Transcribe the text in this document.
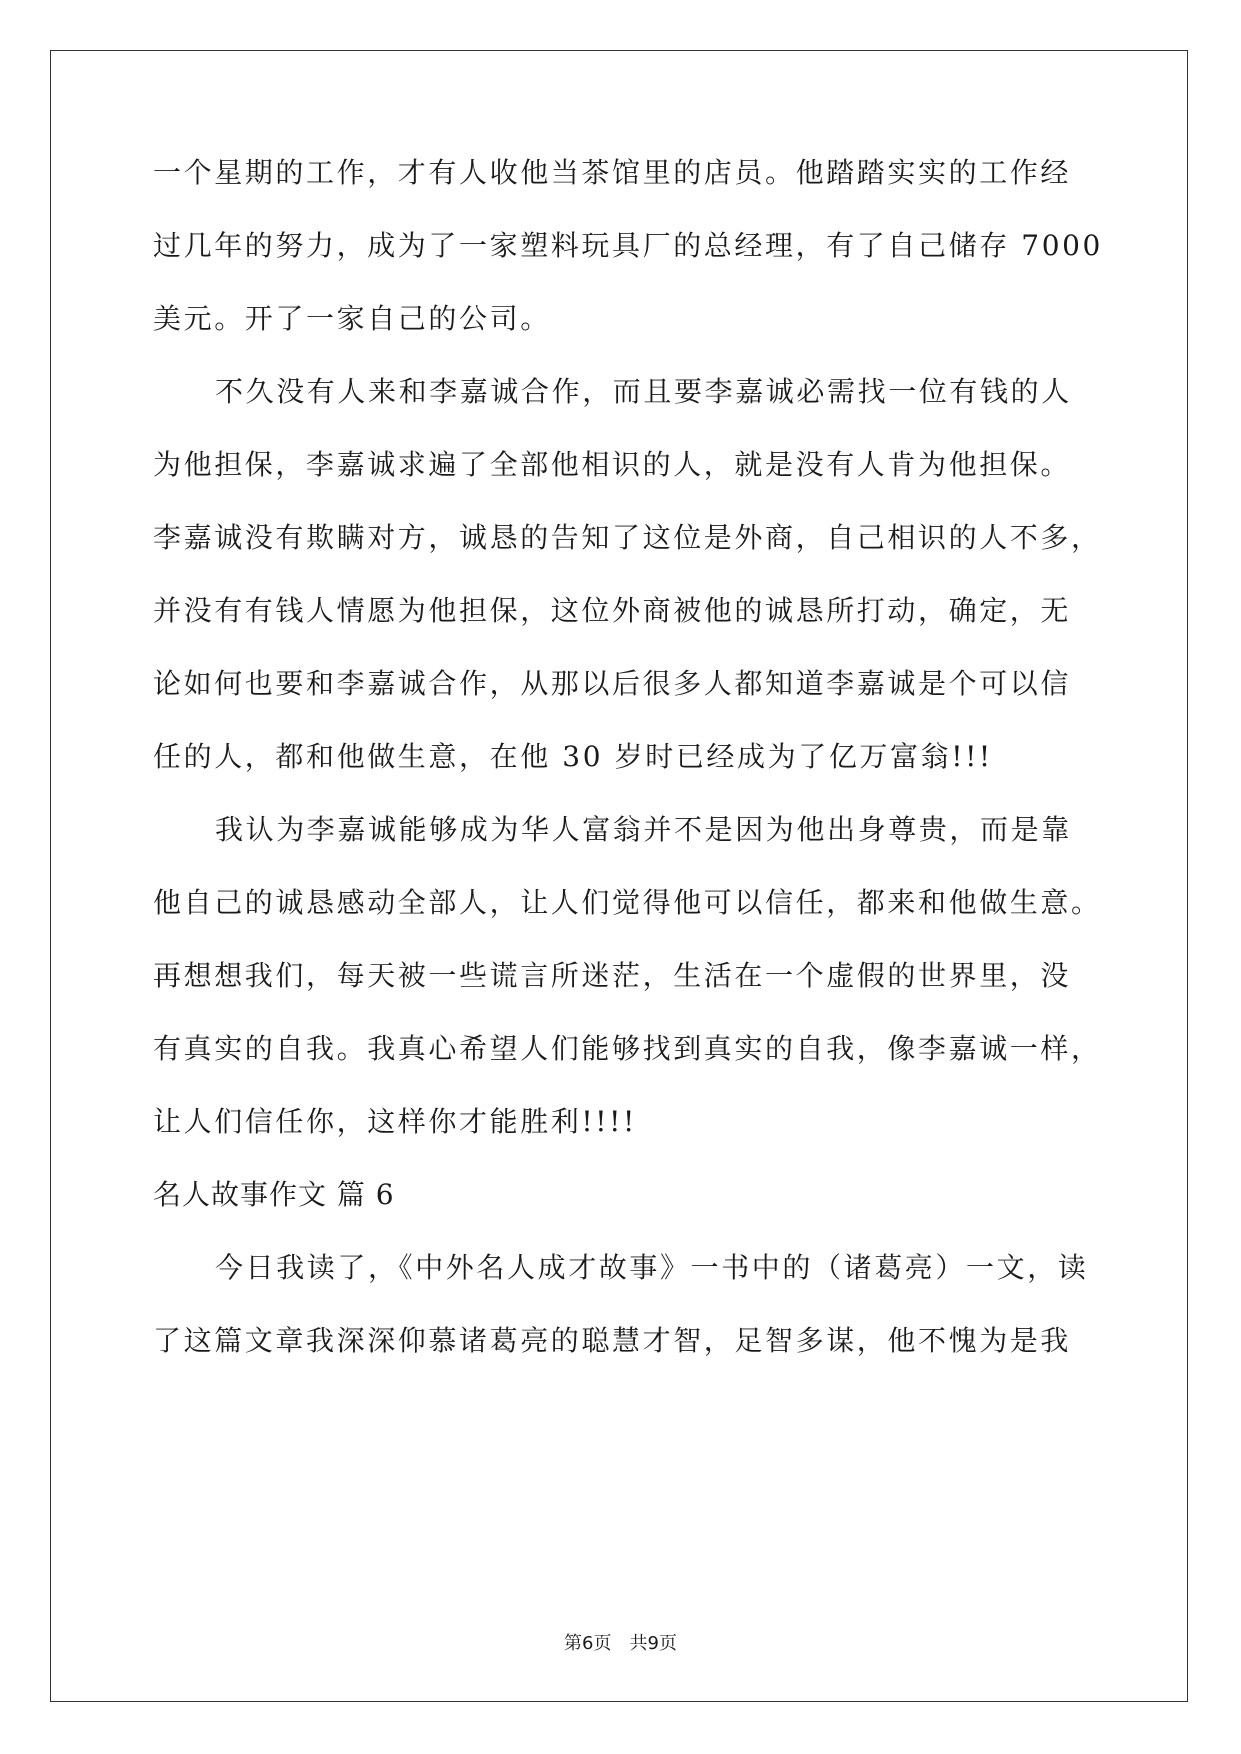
一个星期的工作，才有人收他当茶馆里的店员。他踏踏实实的工作经
过几年的努力，成为了一家塑料玩具厂的总经理，有了自己储存 7000
美元。开了一家自己的公司。
不久没有人来和李嘉诚合作，而且要李嘉诚必需找一位有钱的人
为他担保，李嘉诚求遍了全部他相识的人，就是没有人肯为他担保。
李嘉诚没有欺瞒对方，诚恳的告知了这位是外商，自己相识的人不多，
并没有有钱人情愿为他担保，这位外商被他的诚恳所打动，确定，无
论如何也要和李嘉诚合作，从那以后很多人都知道李嘉诚是个可以信
任的人，都和他做生意，在他 30 岁时已经成为了亿万富翁!!!
我认为李嘉诚能够成为华人富翁并不是因为他出身尊贵，而是靠
他自己的诚恳感动全部人，让人们觉得他可以信任，都来和他做生意。
再想想我们，每天被一些谎言所迷茫，生活在一个虚假的世界里，没
有真实的自我。我真心希望人们能够找到真实的自我，像李嘉诚一样，
让人们信任你，这样你才能胜利!!!!
名人故事作文 篇 6
今日我读了，《中外名人成才故事》一书中的（诸葛亮）一文，读
了这篇文章我深深仰慕诸葛亮的聪慧才智，足智多谋，他不愧为是我
第6页 共9页
